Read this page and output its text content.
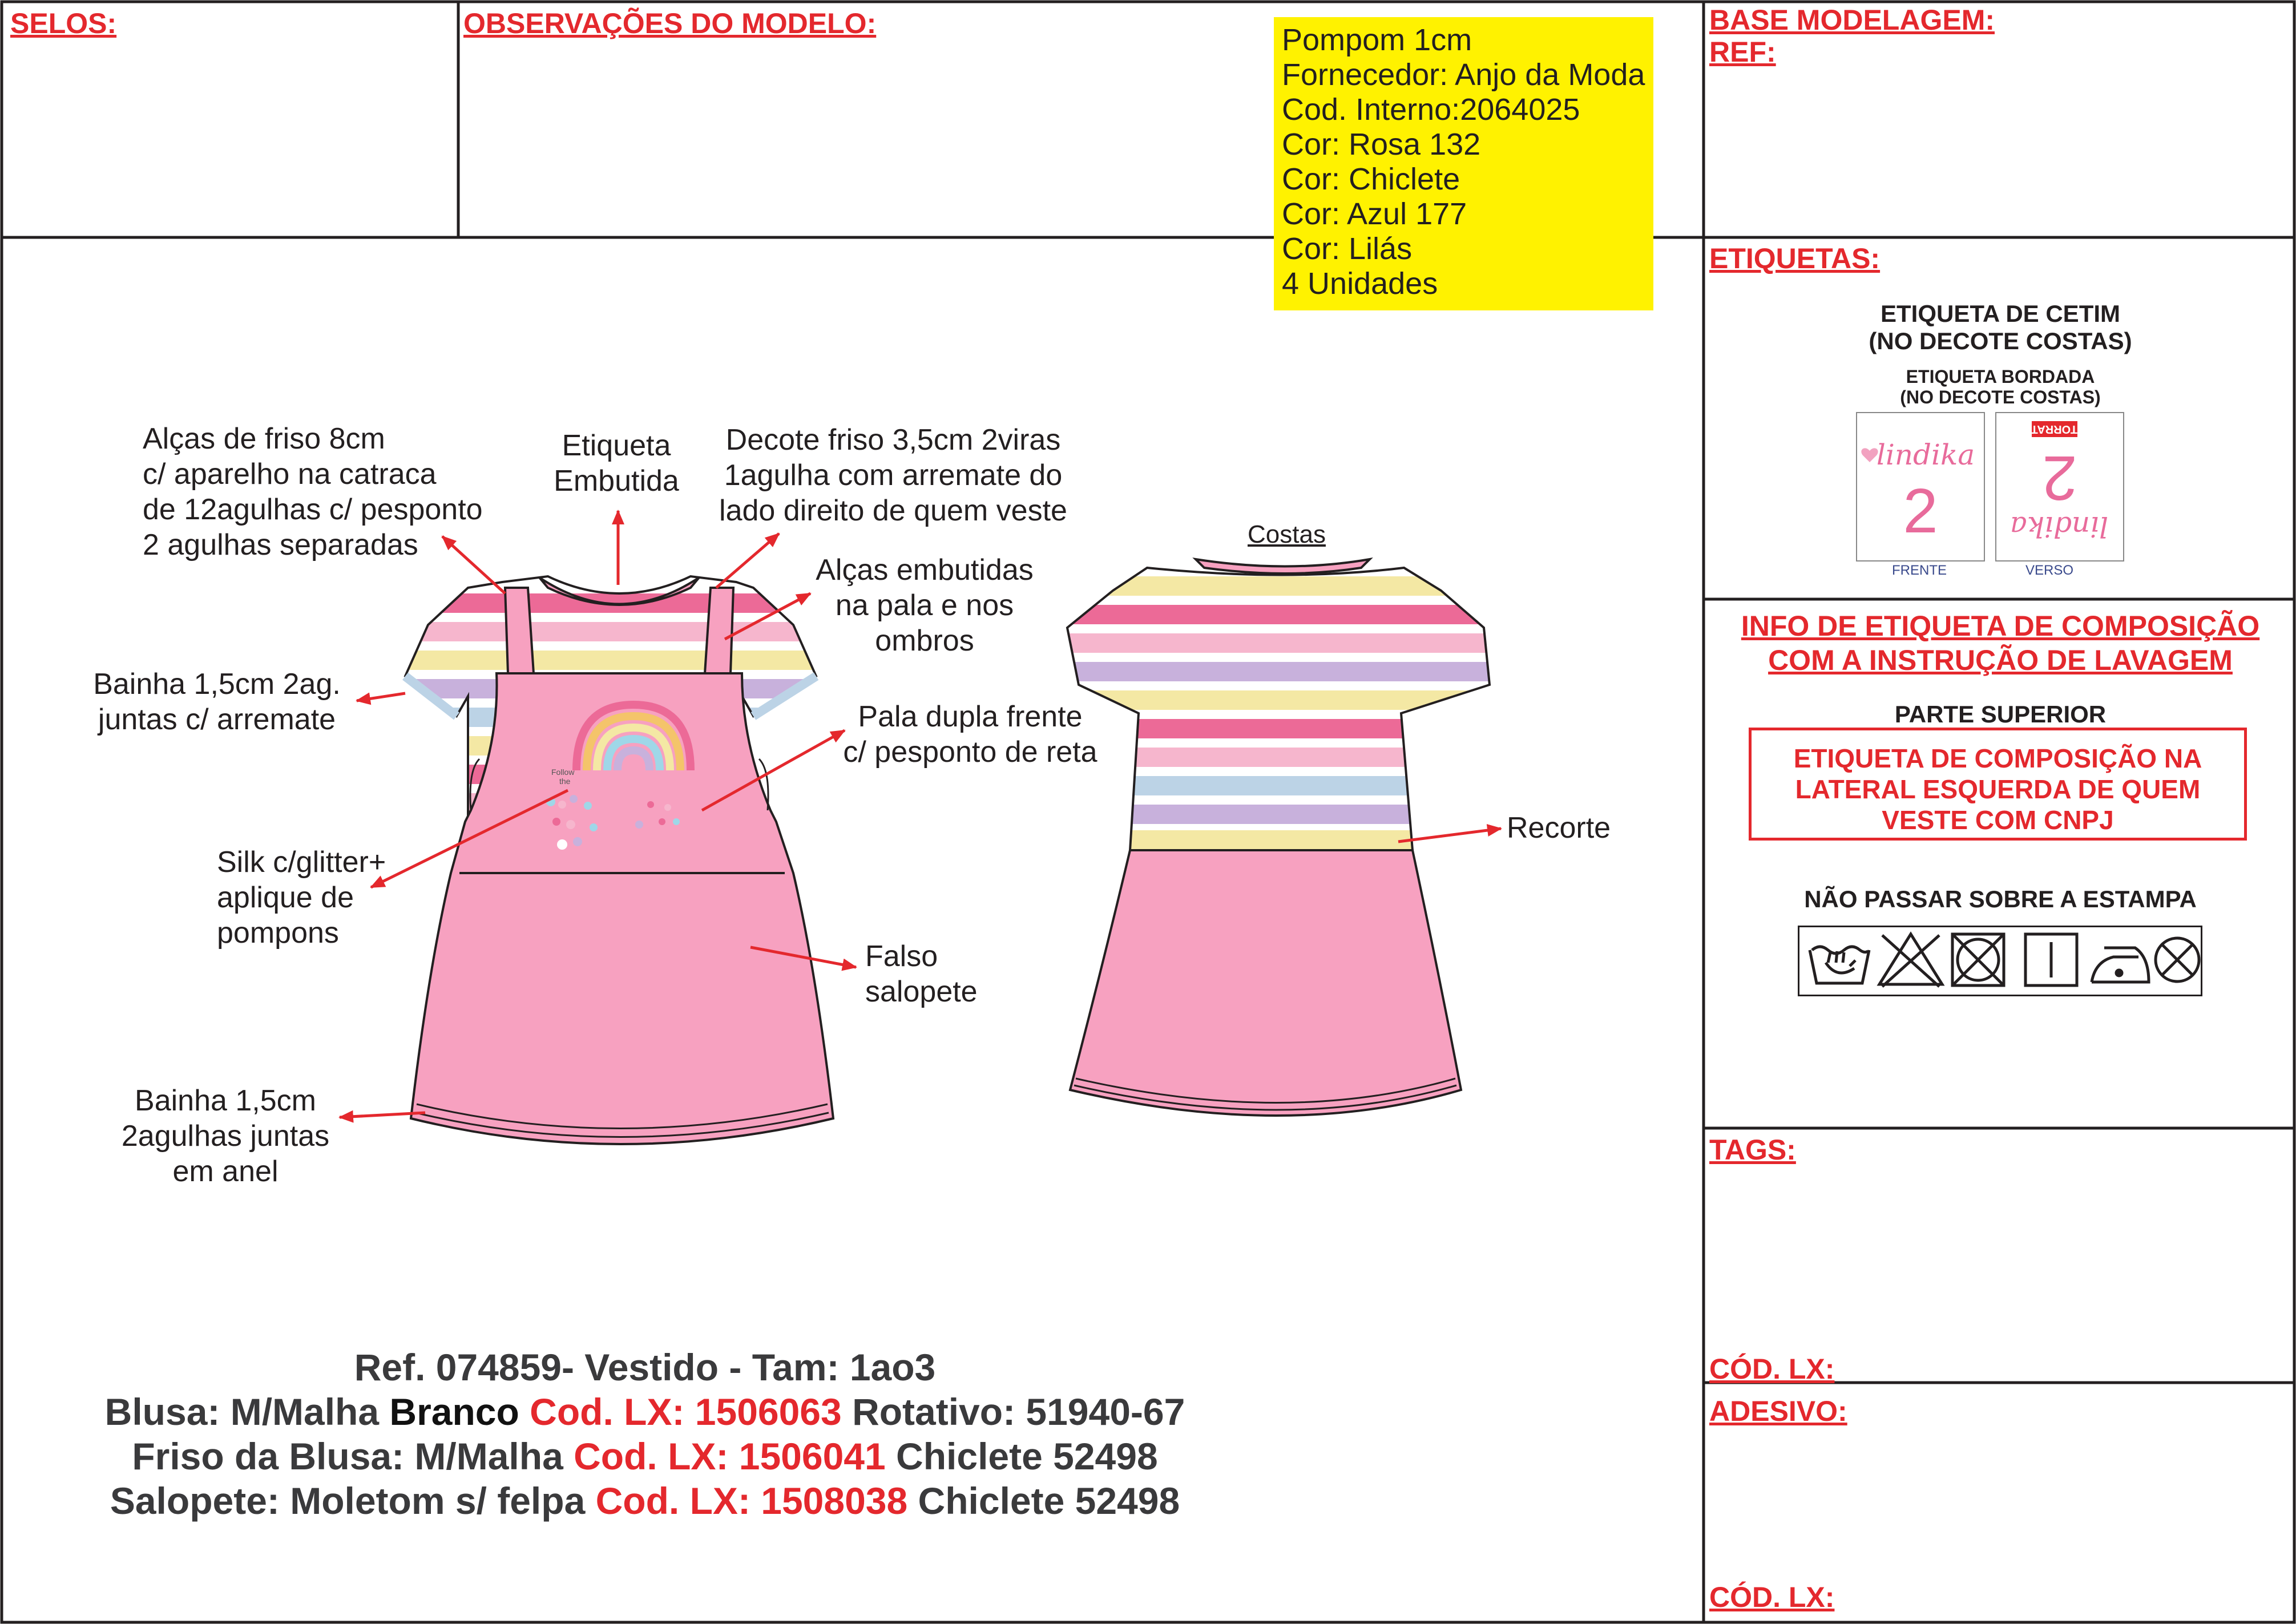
SELOS:	OBSERVAÇÕES DO MODELO:	BASE MODELAGEM:
REF:
ETIQUETAS:
INFO DE ETIQUETA DE COMPOSIÇÃO
COM A INSTRUÇÃO DE LAVAGEM
TAGS:
CÓD. LX:
ADESIVO:
CÓD. LX:
Pompom 1cm
Fornecedor: Anjo da Moda
Cod. Interno:2064025
Cor: Rosa 132
Cor: Chiclete
Cor: Azul 177
Cor: Lilás
4 Unidades
ETIQUETA DE CETIM
(NO DECOTE COSTAS)
ETIQUETA BORDADA
(NO DECOTE COSTAS)
lindika
2
TORRAT
2
lindika
FRENTE	VERSO
PARTE SUPERIOR
ETIQUETA DE COMPOSIÇÃO NA
LATERAL ESQUERDA DE QUEM
VESTE COM CNPJ
NÃO PASSAR SOBRE A ESTAMPA
Follow
the
Alças de friso 8cm
c/ aparelho na catraca
de 12agulhas c/ pesponto
2 agulhas separadas
Etiqueta
Embutida
Decote friso 3,5cm 2viras
1agulha com arremate do
lado direito de quem veste
Alças embutidas
na pala e nos
ombros
Bainha 1,5cm 2ag.
juntas c/ arremate	Pala dupla frente
c/ pesponto de reta
Silk c/glitter+
aplique de
pompons
Falso
salopete
Bainha 1,5cm
2agulhas juntas
em anel
Costas
Recorte
Ref. 074859- Vestido - Tam: 1ao3
Blusa: M/Malha Branco Cod. LX: 1506063 Rotativo: 51940-67
Friso da Blusa: M/Malha Cod. LX: 1506041 Chiclete 52498
Salopete: Moletom s/ felpa Cod. LX: 1508038 Chiclete 52498
